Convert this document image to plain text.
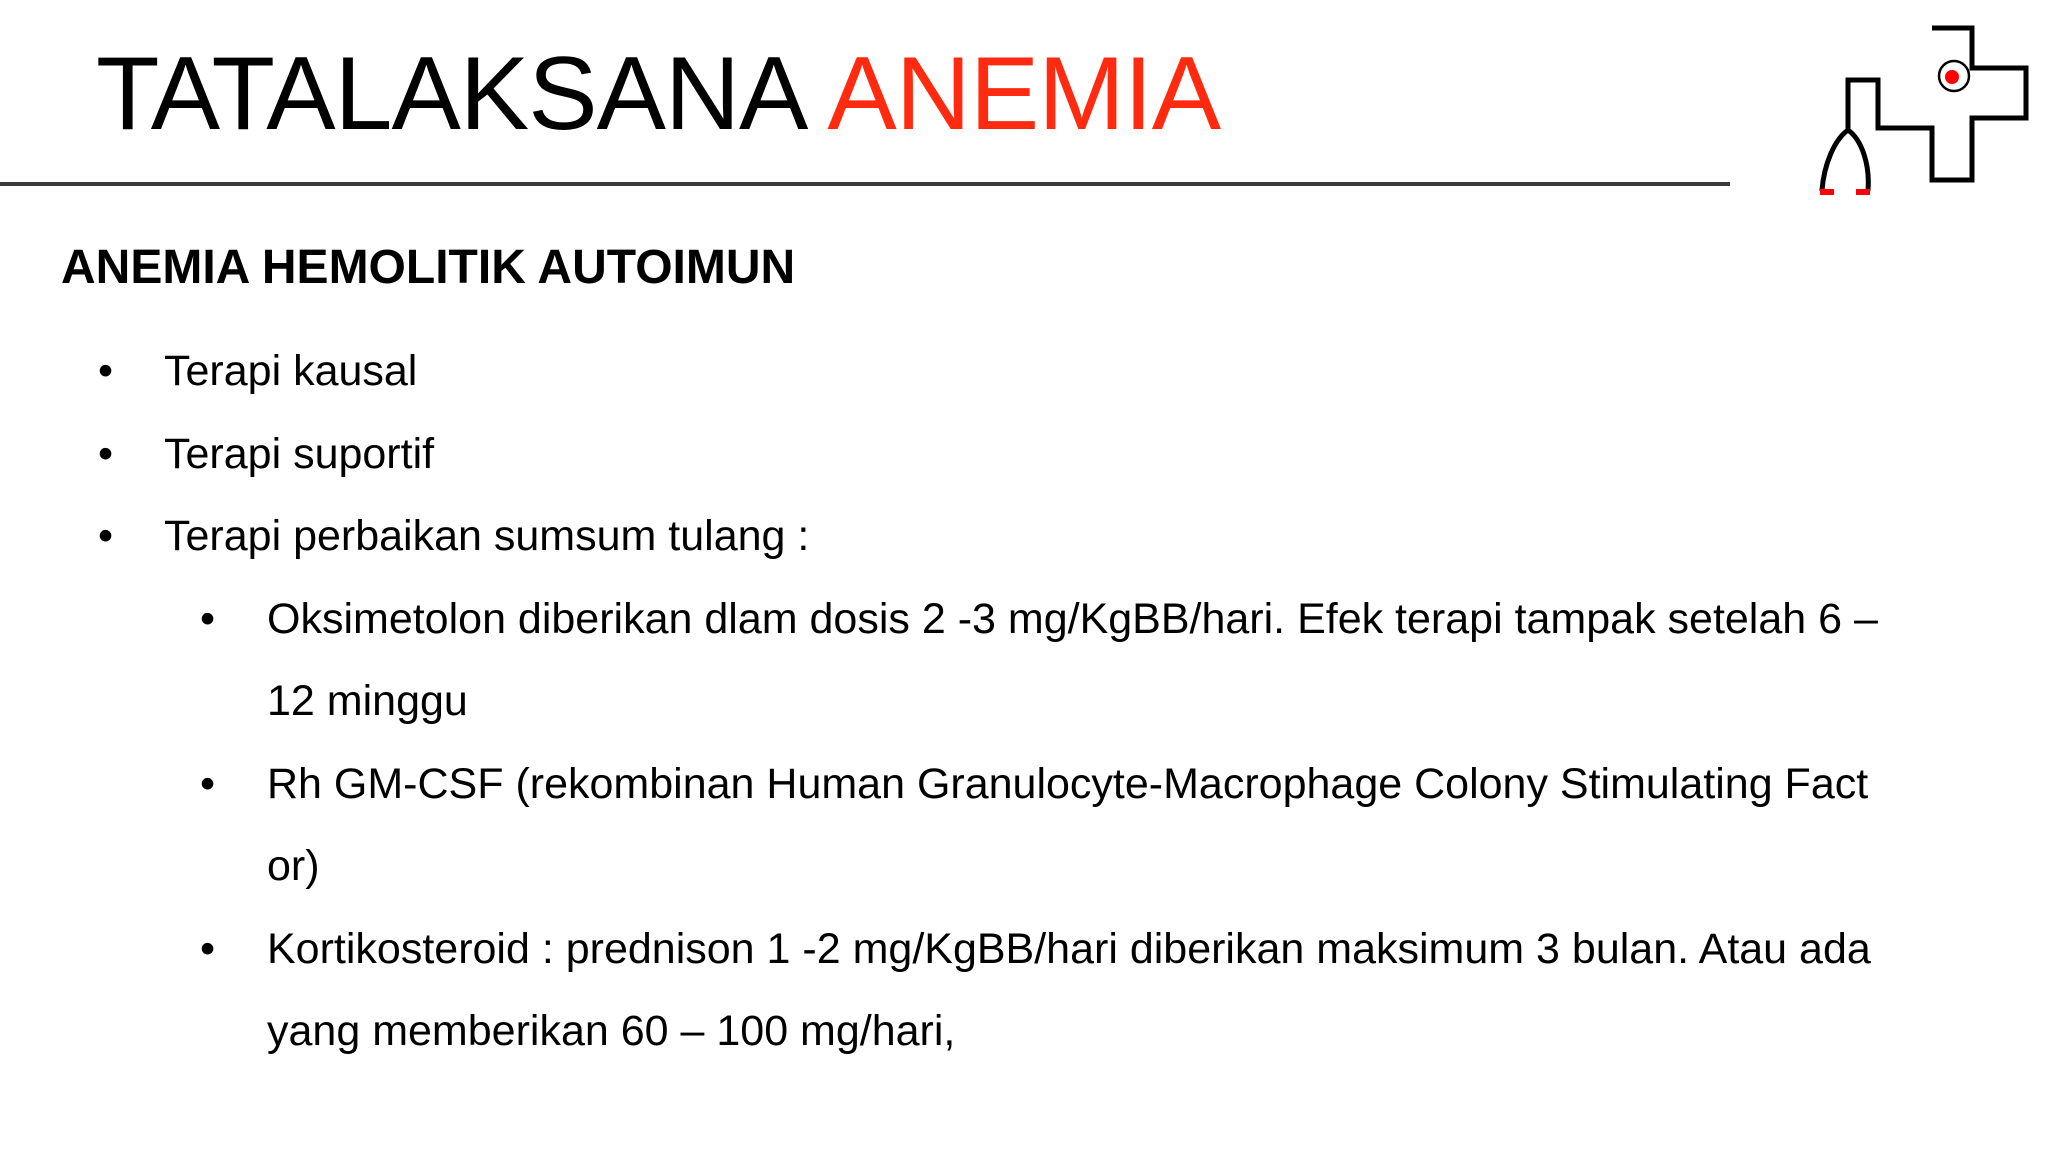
TATALAKSANA ANEMIA
ANEMIA HEMOLITIK AUTOIMUN
• Terapi kausal
• Terapi suportif
• Terapi perbaikan sumsum tulang :
• Oksimetolon diberikan dlam dosis 2 -3 mg/KgBB/hari. Efek terapi tampak setelah 6 –
12 minggu
• Rh GM-CSF (rekombinan Human Granulocyte-Macrophage Colony Stimulating Fact
or)
• Kortikosteroid : prednison 1 -2 mg/KgBB/hari diberikan maksimum 3 bulan. Atau ada
yang memberikan 60 – 100 mg/hari,
